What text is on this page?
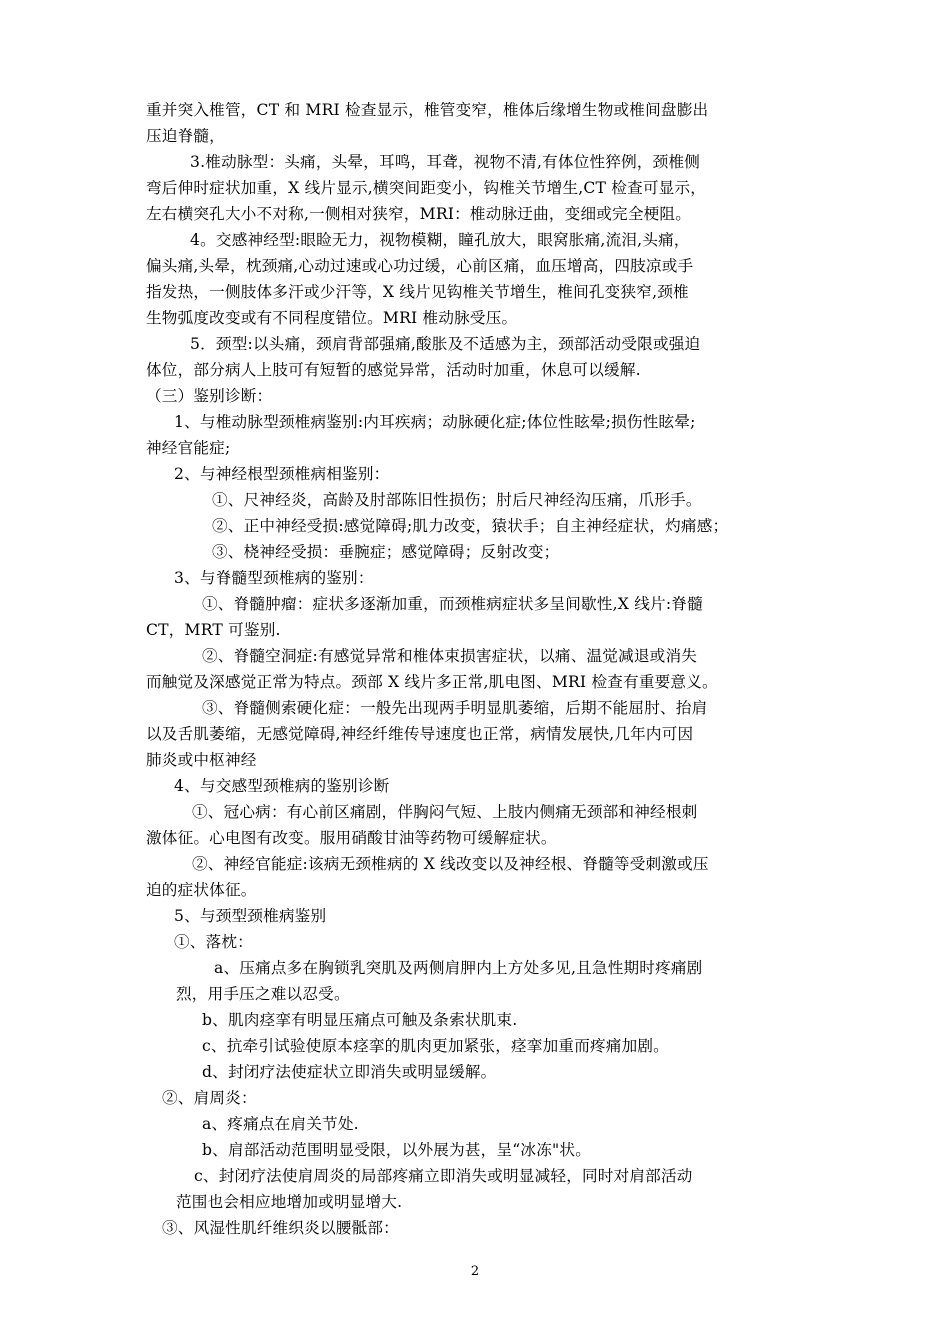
重并突入椎管，CT 和 MRI 检查显示，椎管变窄，椎体后缘增生物或椎间盘膨出
压迫脊髓，
3.椎动脉型：头痛，头晕，耳鸣，耳聋，视物不清,有体位性猝例，颈椎侧
弯后伸时症状加重，X 线片显示,横突间距变小，钩椎关节增生,CT 检查可显示，
左右横突孔大小不对称,一侧相对狭窄，MRI：椎动脉迂曲，变细或完全梗阻。
4。交感神经型:眼睑无力，视物模糊，瞳孔放大，眼窝胀痛,流泪,头痛，
偏头痛,头晕，枕颈痛,心动过速或心功过缓，心前区痛，血压增高，四肢凉或手
指发热，一侧肢体多汗或少汗等，X 线片见钩椎关节增生，椎间孔变狭窄,颈椎
生物弧度改变或有不同程度错位。MRI 椎动脉受压。
5．颈型:以头痛，颈肩背部强痛,酸胀及不适感为主，颈部活动受限或强迫
体位，部分病人上肢可有短暂的感觉异常，活动时加重，休息可以缓解.
（三）鉴别诊断：
1、与椎动脉型颈椎病鉴别:内耳疾病；动脉硬化症;体位性眩晕;损伤性眩晕;
神经官能症;
2、与神经根型颈椎病相鉴别：
①、尺神经炎，高龄及肘部陈旧性损伤；肘后尺神经沟压痛，爪形手。
②、正中神经受损:感觉障碍;肌力改变，猿状手；自主神经症状，灼痛感；
③、桡神经受损：垂腕症；感觉障碍；反射改变；
3、与脊髓型颈椎病的鉴别：
①、脊髓肿瘤：症状多逐渐加重，而颈椎病症状多呈间歇性,X 线片:脊髓
CT，MRT 可鉴别.
②、脊髓空洞症:有感觉异常和椎体束损害症状，以痛、温觉减退或消失
而触觉及深感觉正常为特点。颈部 X 线片多正常,肌电图、MRI 检查有重要意义。
③、脊髓侧索硬化症：一般先出现两手明显肌萎缩，后期不能屈肘、抬肩
以及舌肌萎缩，无感觉障碍,神经纤维传导速度也正常，病情发展快,几年内可因
肺炎或中枢神经
4、与交感型颈椎病的鉴别诊断
①、冠心病：有心前区痛剧，伴胸闷气短、上肢内侧痛无颈部和神经根刺
激体征。心电图有改变。服用硝酸甘油等药物可缓解症状。
②、神经官能症:该病无颈椎病的 X 线改变以及神经根、脊髓等受刺激或压
迫的症状体征。
5、与颈型颈椎病鉴别
①、落枕：
a、压痛点多在胸锁乳突肌及两侧肩胛内上方处多见,且急性期时疼痛剧
烈，用手压之难以忍受。
b、肌肉痉挛有明显压痛点可触及条索状肌束.
c、抗牵引试验使原本痉挛的肌肉更加紧张，痉挛加重而疼痛加剧。
d、封闭疗法使症状立即消失或明显缓解。
②、肩周炎：
a、疼痛点在肩关节处.
b、肩部活动范围明显受限，以外展为甚，呈“冰冻"状。
c、封闭疗法使肩周炎的局部疼痛立即消失或明显减轻，同时对肩部活动
范围也会相应地增加或明显增大.
③、风湿性肌纤维织炎以腰骶部：
2
